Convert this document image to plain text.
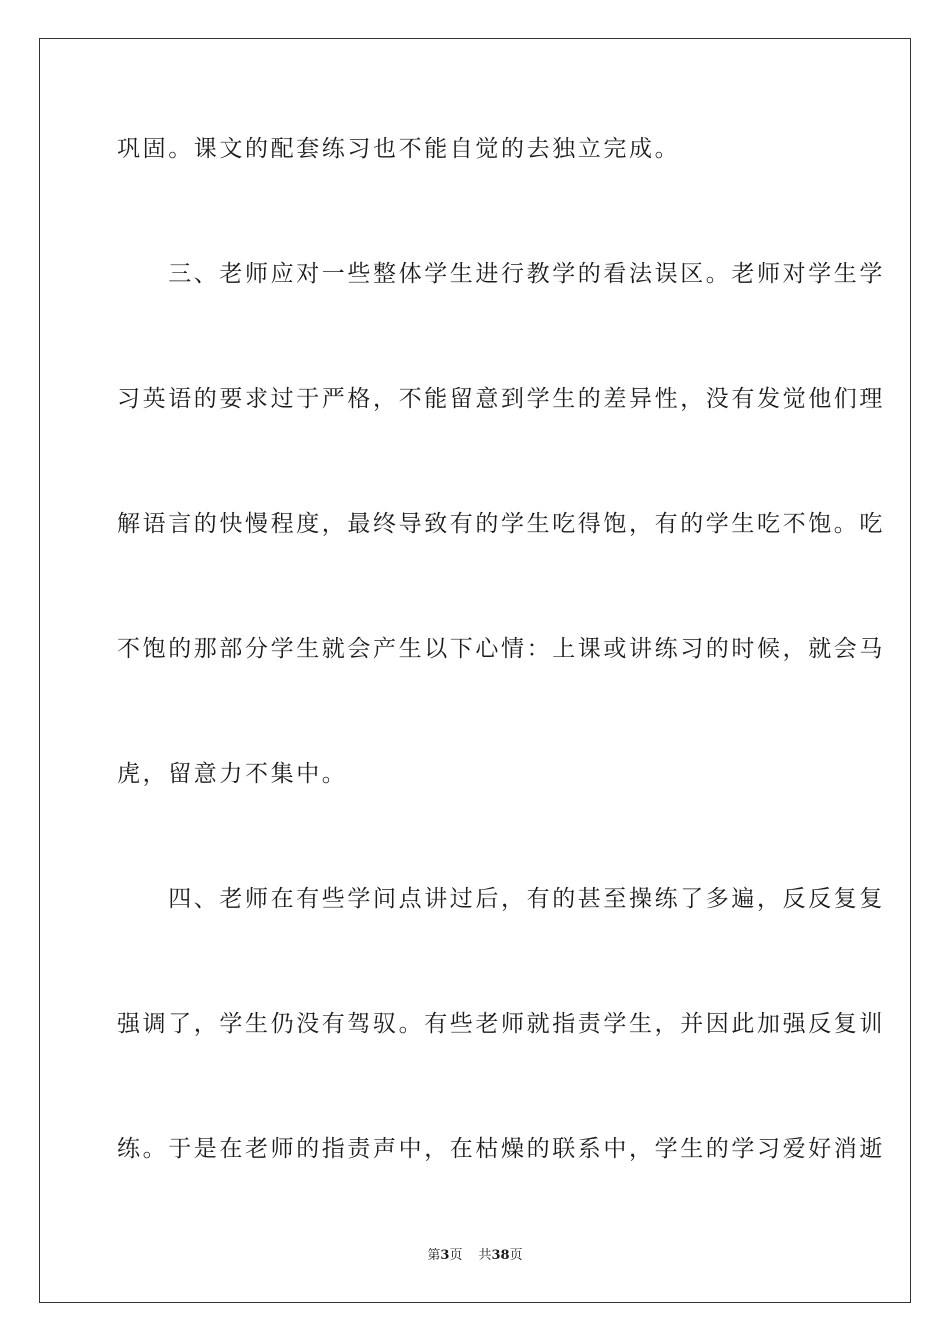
巩固。课文的配套练习也不能自觉的去独立完成。
　　三、老师应对一些整体学生进行教学的看法误区。老师对学生学
习英语的要求过于严格，不能留意到学生的差异性，没有发觉他们理
解语言的快慢程度，最终导致有的学生吃得饱，有的学生吃不饱。吃
不饱的那部分学生就会产生以下心情：上课或讲练习的时候，就会马
虎，留意力不集中。
　　四、老师在有些学问点讲过后，有的甚至操练了多遍，反反复复
强调了，学生仍没有驾驭。有些老师就指责学生，并因此加强反复训
练。于是在老师的指责声中，在枯燥的联系中，学生的学习爱好消逝
第3页 共38页
